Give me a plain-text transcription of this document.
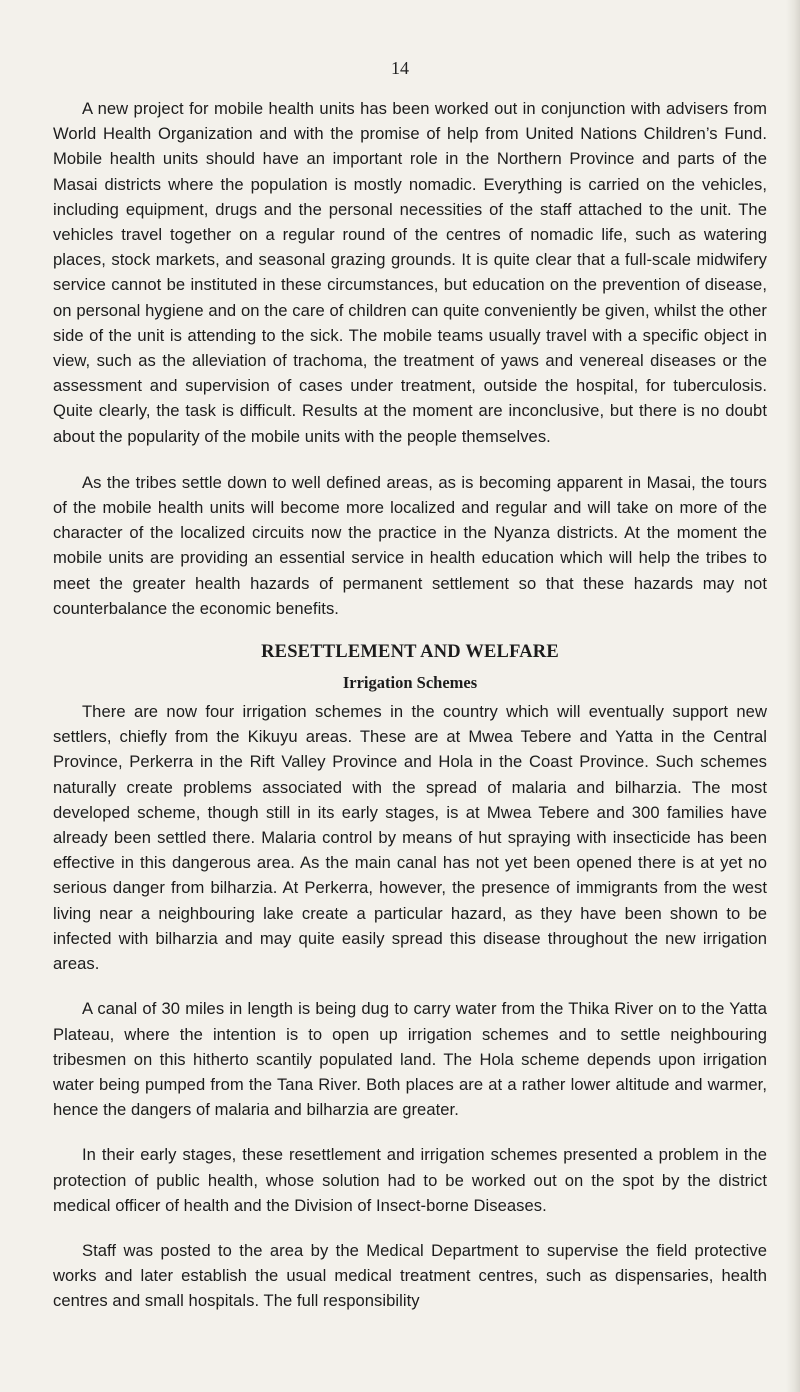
14

A new project for mobile health units has been worked out in conjunction with advisers from World Health Organization and with the promise of help from United Nations Children’s Fund. Mobile health units should have an important role in the Northern Province and parts of the Masai districts where the population is mostly nomadic. Everything is carried on the vehicles, including equipment, drugs and the personal necessities of the staff attached to the unit. The vehicles travel together on a regular round of the centres of nomadic life, such as watering places, stock markets, and seasonal grazing grounds. It is quite clear that a full-scale midwifery service cannot be instituted in these circumstances, but education on the prevention of disease, on personal hygiene and on the care of children can quite conveniently be given, whilst the other side of the unit is attending to the sick. The mobile teams usually travel with a specific object in view, such as the alleviation of trachoma, the treatment of yaws and venereal diseases or the assessment and supervision of cases under treatment, outside the hospital, for tuberculosis. Quite clearly, the task is difficult. Results at the moment are inconclusive, but there is no doubt about the popularity of the mobile units with the people themselves.

As the tribes settle down to well defined areas, as is becoming apparent in Masai, the tours of the mobile health units will become more localized and regular and will take on more of the character of the localized circuits now the practice in the Nyanza districts. At the moment the mobile units are providing an essential service in health education which will help the tribes to meet the greater health hazards of permanent settlement so that these hazards may not counterbalance the economic benefits.

RESETTLEMENT AND WELFARE
Irrigation Schemes

There are now four irrigation schemes in the country which will eventually support new settlers, chiefly from the Kikuyu areas. These are at Mwea Tebere and Yatta in the Central Province, Perkerra in the Rift Valley Province and Hola in the Coast Province. Such schemes naturally create problems associated with the spread of malaria and bilharzia. The most developed scheme, though still in its early stages, is at Mwea Tebere and 300 families have already been settled there. Malaria control by means of hut spraying with insecticide has been effective in this dangerous area. As the main canal has not yet been opened there is at yet no serious danger from bilharzia. At Perkerra, however, the presence of immigrants from the west living near a neighbouring lake create a particular hazard, as they have been shown to be infected with bilharzia and may quite easily spread this disease throughout the new irrigation areas.

A canal of 30 miles in length is being dug to carry water from the Thika River on to the Yatta Plateau, where the intention is to open up irrigation schemes and to settle neighbouring tribesmen on this hitherto scantily populated land. The Hola scheme depends upon irrigation water being pumped from the Tana River. Both places are at a rather lower altitude and warmer, hence the dangers of malaria and bilharzia are greater.

In their early stages, these resettlement and irrigation schemes presented a problem in the protection of public health, whose solution had to be worked out on the spot by the district medical officer of health and the Division of Insect-borne Diseases.

Staff was posted to the area by the Medical Department to supervise the field protective works and later establish the usual medical treatment centres, such as dispensaries, health centres and small hospitals. The full responsibility
